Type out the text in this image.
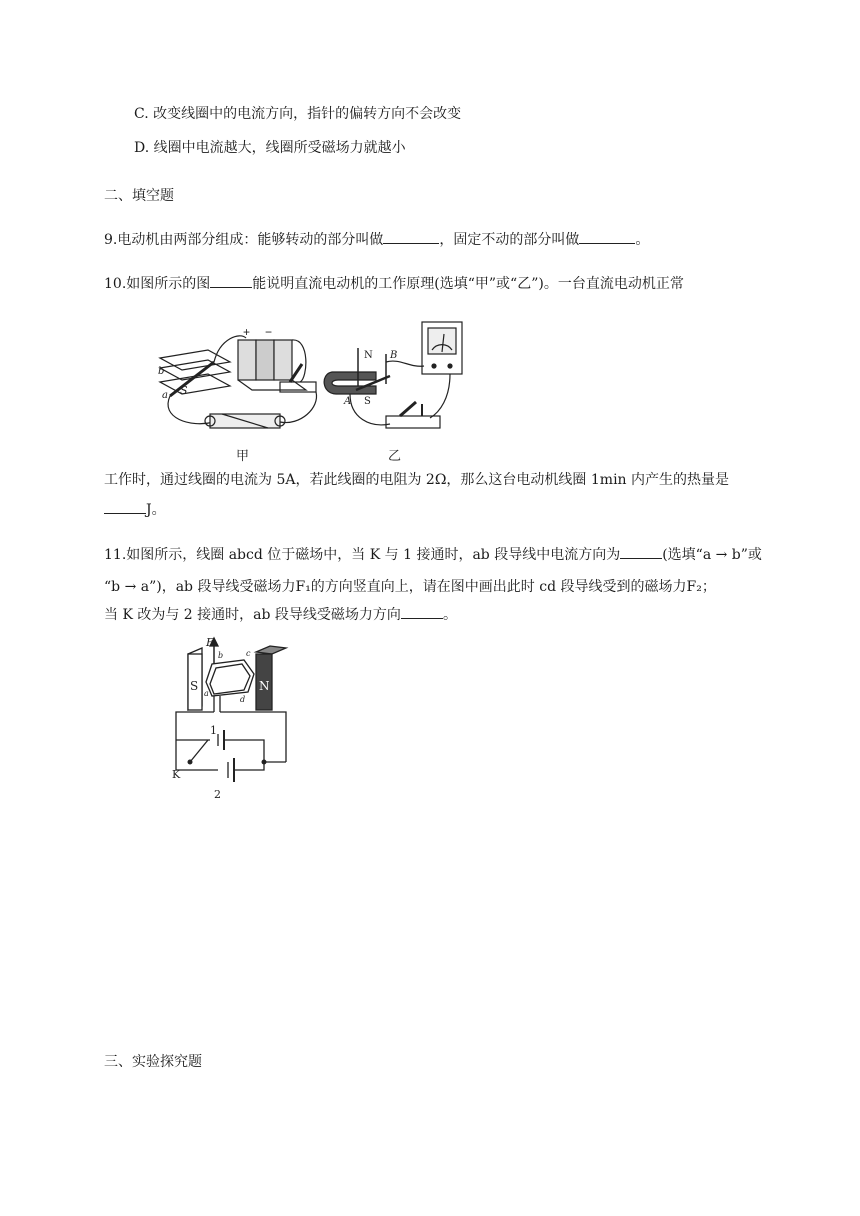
C. 改变线圈中的电流方向，指针的偏转方向不会改变
D. 线圈中电流越大，线圈所受磁场力就越小
二、填空题
9.电动机由两部分组成：能够转动的部分叫做	，固定不动的部分叫做	。
10.如图所示的图	能说明直流电动机的工作原理(选填“甲”或“乙”)。一台直流电动机正常
+ −
S
a
b
甲
N B
A S
乙
工作时，通过线圈的电流为 5A，若此线圈的电阻为 2Ω，那么这台电动机线圈 1min 内产生的热量是
J。
11.如图所示，线圈 abcd 位于磁场中，当 K 与 1 接通时，ab 段导线中电流方向为	(选填“a → b”或
“b → a”)，ab 段导线受磁场力F₁的方向竖直向上，请在图中画出此时 cd 段导线受到的磁场力F₂；
当 K 改为与 2 接通时，ab 段导线受磁场力方向	。
F
S	N
a
b	c
d
1
K
2
三、实验探究题
